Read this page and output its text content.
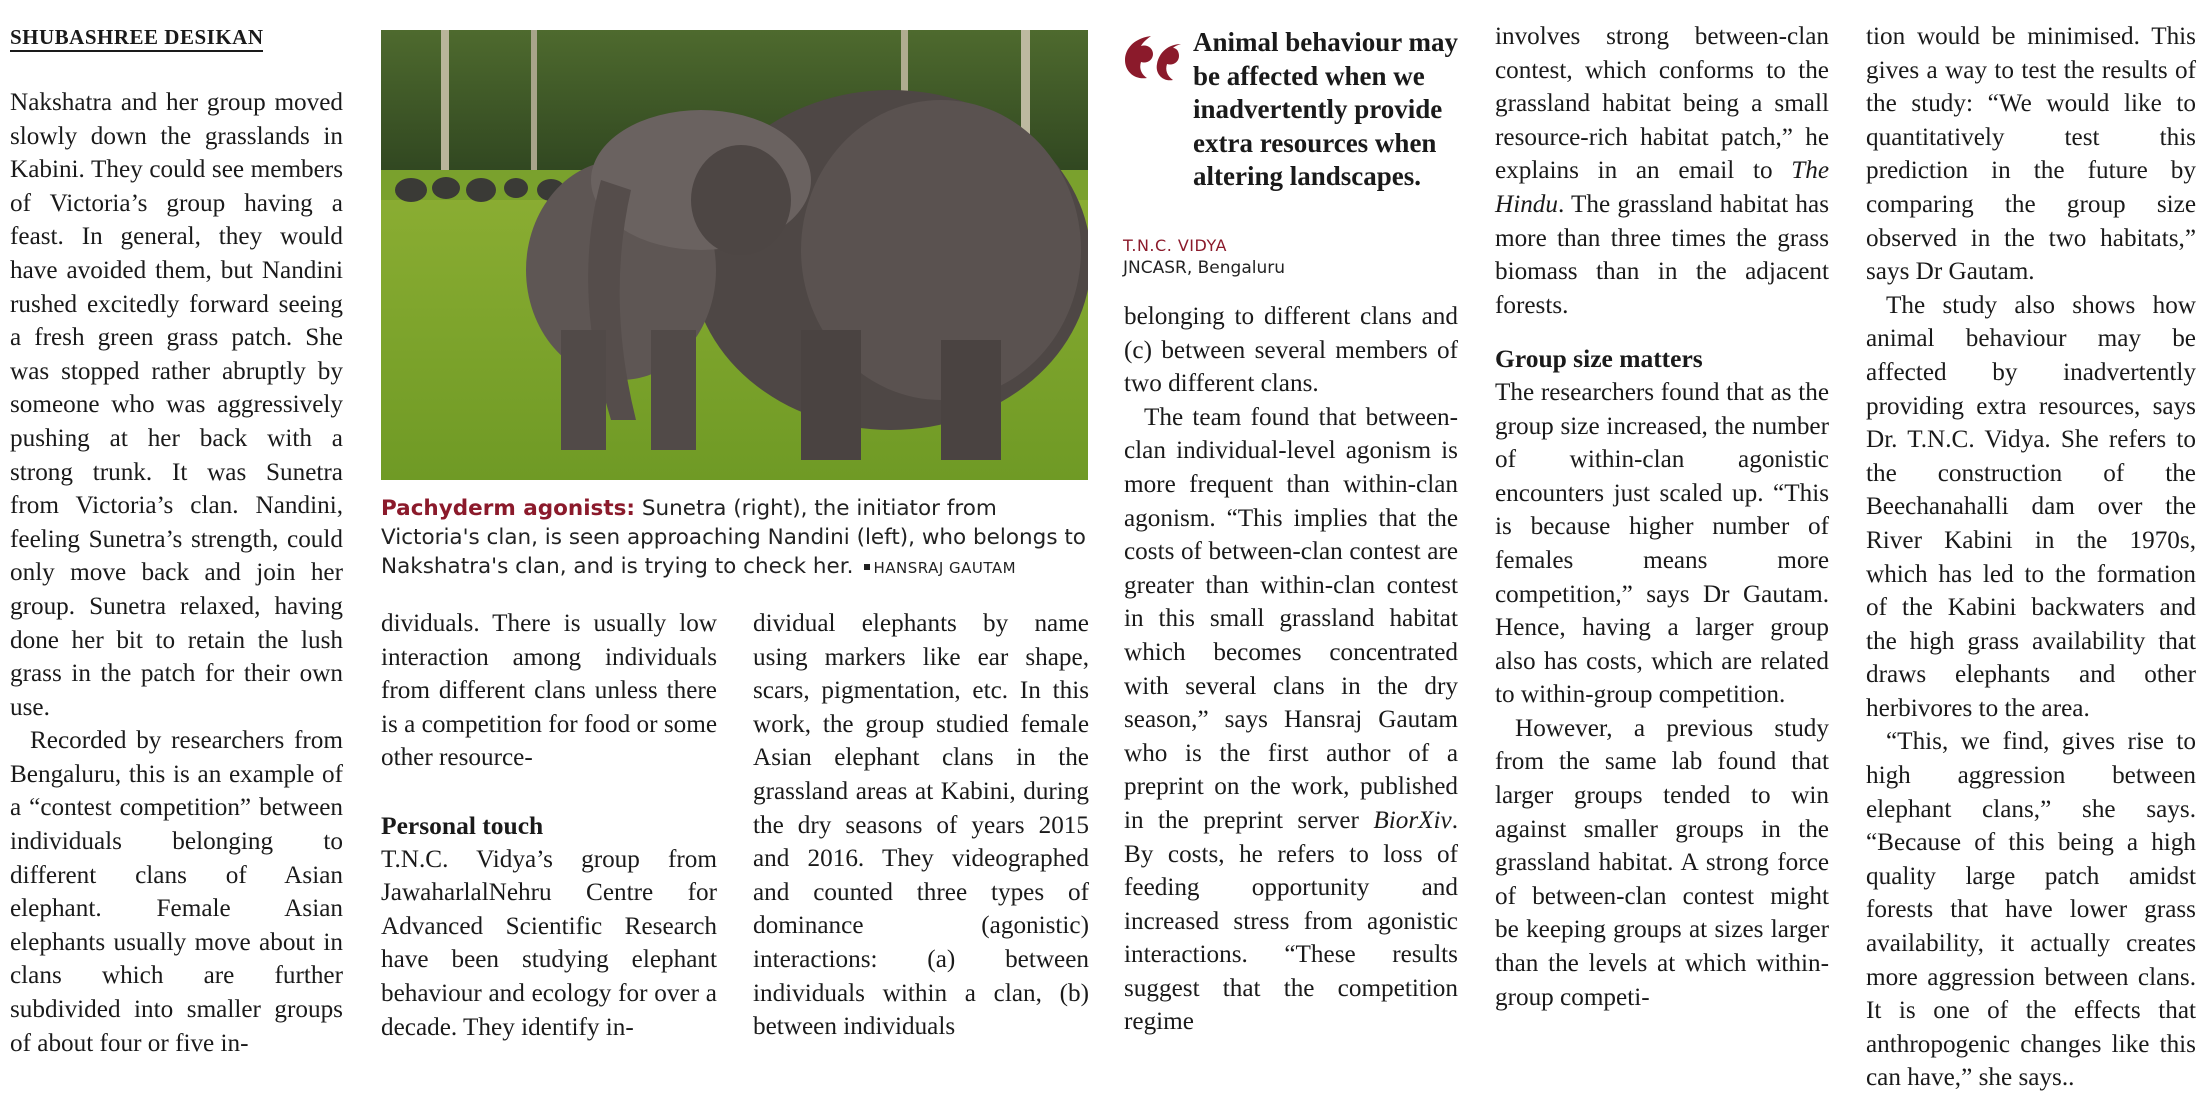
SHUBASHREE DESIKAN

Nakshatra and her group moved slowly down the grasslands in Kabini. They could see members of Victoria’s group having a feast. In general, they would have avoided them, but Nandini rushed excitedly forward seeing a fresh green grass patch. She was stopped rather abruptly by someone who was aggressively pushing at her back with a strong trunk. It was Sunetra from Victoria’s clan. Nandini, feeling Sunetra’s strength, could only move back and join her group. Sunetra relaxed, having done her bit to retain the lush grass in the patch for their own use.

Recorded by researchers from Bengaluru, this is an example of a “contest competition” between individuals belonging to different clans of Asian elephant. Female Asian elephants usually move about in clans which are further subdivided into smaller groups of about four or five in-

Pachyderm agonists: Sunetra (right), the initiator from Victoria's clan, is seen approaching Nandini (left), who belongs to Nakshatra's clan, and is trying to check her. HANSRAJ GAUTAM

dividuals. There is usually low interaction among individuals from different clans unless there is a competition for food or some other resource-

Personal touch

T.N.C. Vidya’s group from JawaharlalNehru Centre for Advanced Scientific Research have been studying elephant behaviour and ecology for over a decade. They identify in-

dividual elephants by name using markers like ear shape, scars, pigmentation, etc. In this work, the group studied female Asian elephant clans in the grassland areas at Kabini, during the dry seasons of years 2015 and 2016. They videographed and counted three types of dominance (agonistic) interactions: (a) between individuals within a clan, (b) between individuals

Animal behaviour may be affected when we inadvertently provide extra resources when altering landscapes.
T.N.C. VIDYA
JNCASR, Bengaluru

belonging to different clans and (c) between several members of two different clans.

The team found that between-clan individual-level agonism is more frequent than within-clan agonism. “This implies that the costs of between-clan contest are greater than within-clan contest in this small grassland habitat which becomes concentrated with several clans in the dry season,” says Hansraj Gautam who is the first author of a preprint on the work, published in the preprint server BiorXiv. By costs, he refers to loss of feeding opportunity and increased stress from agonistic interactions. “These results suggest that the competition regime

involves strong between-clan contest, which conforms to the grassland habitat being a small resource-rich habitat patch,” he explains in an email to The Hindu. The grassland habitat has more than three times the grass biomass than in the adjacent forests.

Group size matters

The researchers found that as the group size increased, the number of within-clan agonistic encounters just scaled up. “This is because higher number of females means more competition,” says Dr Gautam. Hence, having a larger group also has costs, which are related to within-group competition.

However, a previous study from the same lab found that larger groups tended to win against smaller groups in the grassland habitat. A strong force of between-clan contest might be keeping groups at sizes larger than the levels at which within-group competi-

tion would be minimised. This gives a way to test the results of the study: “We would like to quantitatively test this prediction in the future by comparing the group size observed in the two habitats,” says Dr Gautam.

The study also shows how animal behaviour may be affected by inadvertently providing extra resources, says Dr. T.N.C. Vidya. She refers to the construction of the Beechanahalli dam over the River Kabini in the 1970s, which has led to the formation of the Kabini backwaters and the high grass availability that draws elephants and other herbivores to the area.

“This, we find, gives rise to high aggression between elephant clans,” she says. “Because of this being a high quality large patch amidst forests that have lower grass availability, it actually creates more aggression between clans. It is one of the effects that anthropogenic changes like this can have,” she says..
